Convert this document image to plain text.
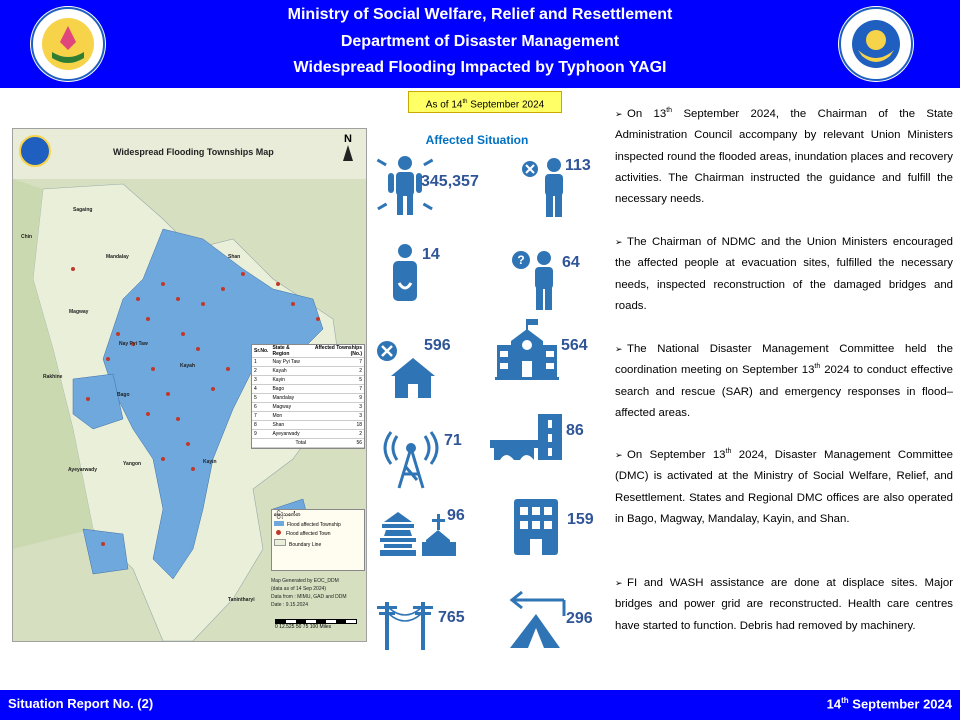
Ministry of Social Welfare, Relief and Resettlement
Department of Disaster Management
Widespread Flooding Impacted by Typhoon YAGI
As of 14th September 2024
Widespread Flooding Townships Map
N
Sagaing
Chin
Magway
Rakhine
Bago
Yangon
Ayeyarwady
Kayin
Shan
Kayah
Mandalay
Nay Pyi Taw
Tanintharyi
Sr.No.	State & Region	Affected Townships (No.)
1	Nay Pyi Taw	7
2	Kayah	2
3	Kayin	5
4	Bago	7
5	Mandalay	9
6	Magway	3
7	Mon	3
8	Shan	18
9	Ayeyarwady	2
	Total	56
မြေပုံသင်္ကေတ
Flood affected Township
Flood affected Town
Boundary Line
Map Generated by EOC_DDM
(data as of 14 Sep 2024)
Data from : MIMU, GAD and DDM
Date : 9.15.2024
0 12.525 50 75 100 Miles
Affected Situation
345,357
113
14	? 64
596	564
71
86
96	159
765	296
➢ On 13th September 2024, the Chairman of the State Administration Council accompany by relevant Union Ministers inspected round the flooded areas, inundation places and recovery activities. The Chairman instructed the guidance and fulfill the necessary needs.
➢ The Chairman of NDMC and the Union Ministers encouraged the affected people at evacuation sites, fulfilled the necessary needs, inspected reconstruction of the damaged bridges and roads.
➢ The National Disaster Management Committee held the coordination meeting on September 13th 2024 to conduct effective search and rescue (SAR) and emergency responses in flood–affected areas.
➢ On September 13th 2024, Disaster Management Committee (DMC) is activated at the Ministry of Social Welfare, Relief, and Resettlement. States and Regional DMC offices are also operated in Bago, Magway, Mandalay, Kayin, and Shan.
➢ FI and WASH assistance are done at displace sites. Major bridges and power grid are reconstructed. Health care centres have started to function. Debris had removed by machinery.
Situation Report No. (2)	14th September 2024
